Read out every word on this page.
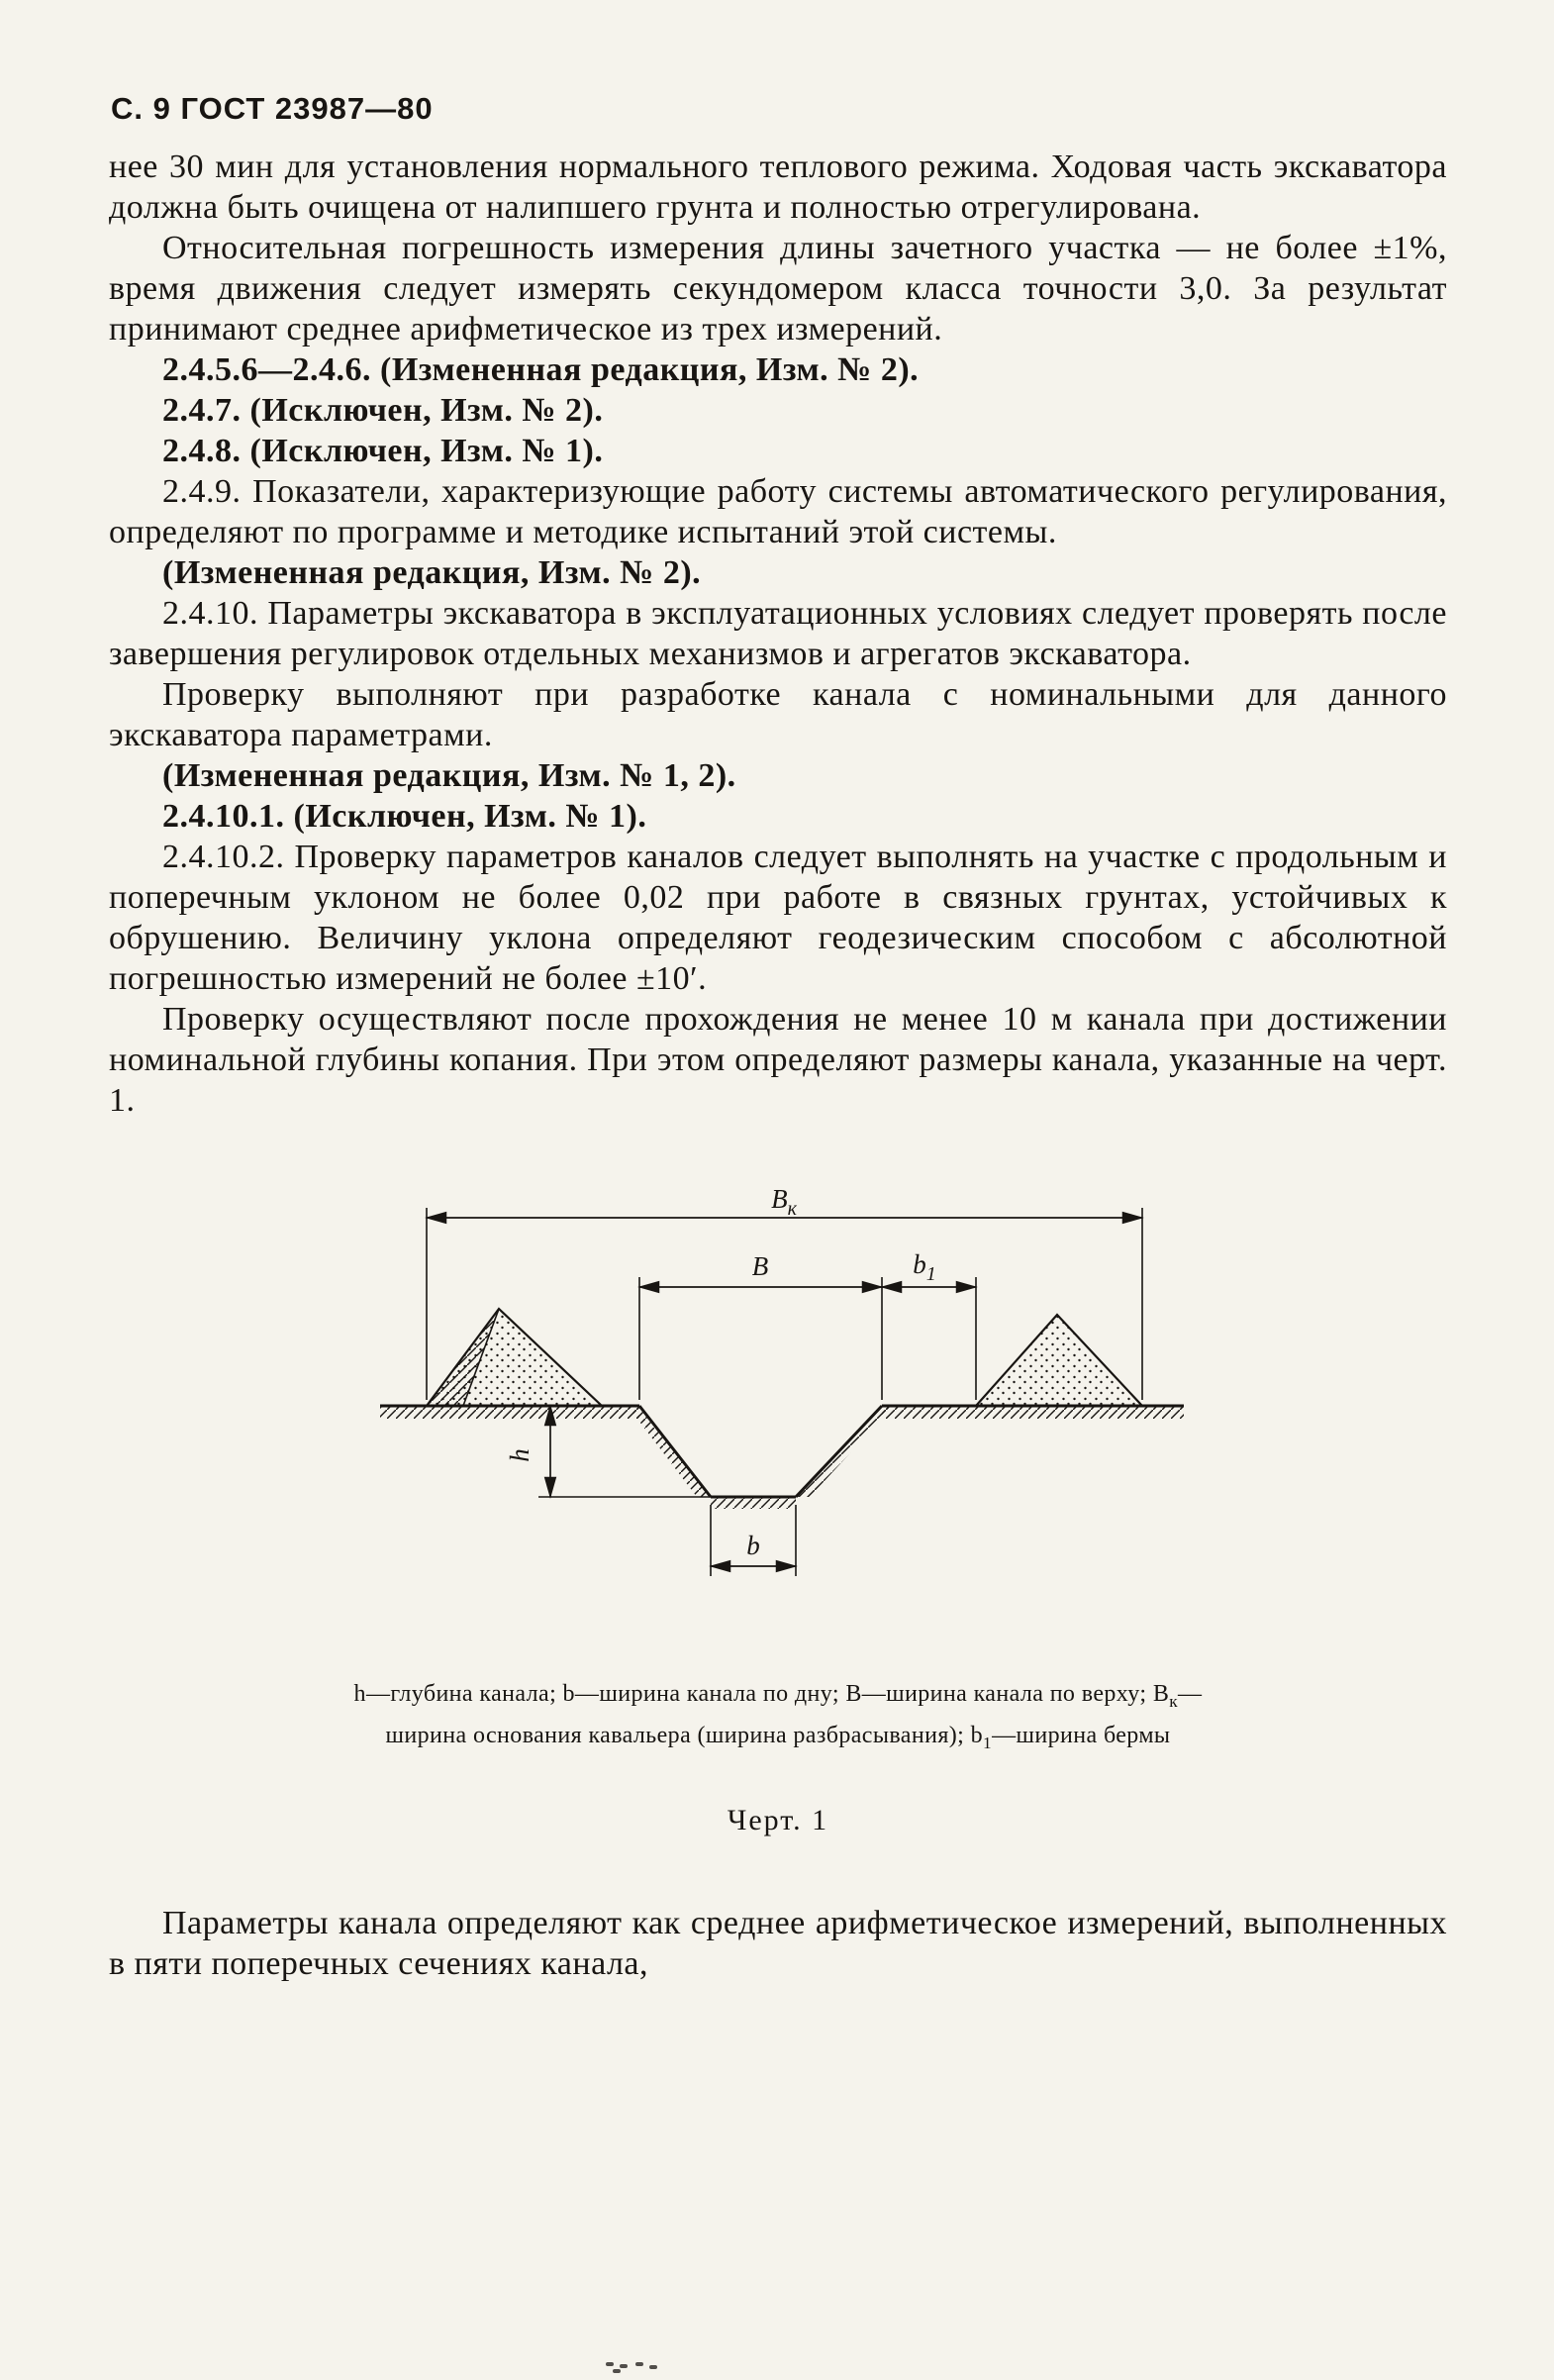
С. 9 ГОСТ 23987—80

нее 30 мин для установления нормального теплового режима. Ходовая часть экскаватора должна быть очищена от налипшего грунта и полностью отрегулирована.

Относительная погрешность измерения длины зачетного участка — не более ±1%, время движения следует измерять секундомером класса точности 3,0. За результат принимают среднее арифметическое из трех измерений.

2.4.5.6—2.4.6. (Измененная редакция, Изм. № 2).

2.4.7. (Исключен, Изм. № 2).

2.4.8. (Исключен, Изм. № 1).

2.4.9. Показатели, характеризующие работу системы автоматического регулирования, определяют по программе и методике испытаний этой системы.

(Измененная редакция, Изм. № 2).

2.4.10. Параметры экскаватора в эксплуатационных условиях следует проверять после завершения регулировок отдельных механизмов и агрегатов экскаватора.

Проверку выполняют при разработке канала с номинальными для данного экскаватора параметрами.

(Измененная редакция, Изм. № 1, 2).

2.4.10.1. (Исключен, Изм. № 1).

2.4.10.2. Проверку параметров каналов следует выполнять на участке с продольным и поперечным уклоном не более 0,02 при работе в связных грунтах, устойчивых к обрушению. Величину уклона определяют геодезическим способом с абсолютной погрешностью измерений не более ±10′.

Проверку осуществляют после прохождения не менее 10 м канала при достижении номинальной глубины копания. При этом определяют размеры канала, указанные на черт. 1.

$B_к$
B	$b_1$
h
b

h—глубина канала; b—ширина канала по дну; В—ширина канала по верху; $В_к—ширина$ основания кавальера (ширина разбрасывания); $b_1—ширина$ бермы

Черт. 1

Параметры канала определяют как среднее арифметическое измерений, выполненных в пяти поперечных сечениях канала,
